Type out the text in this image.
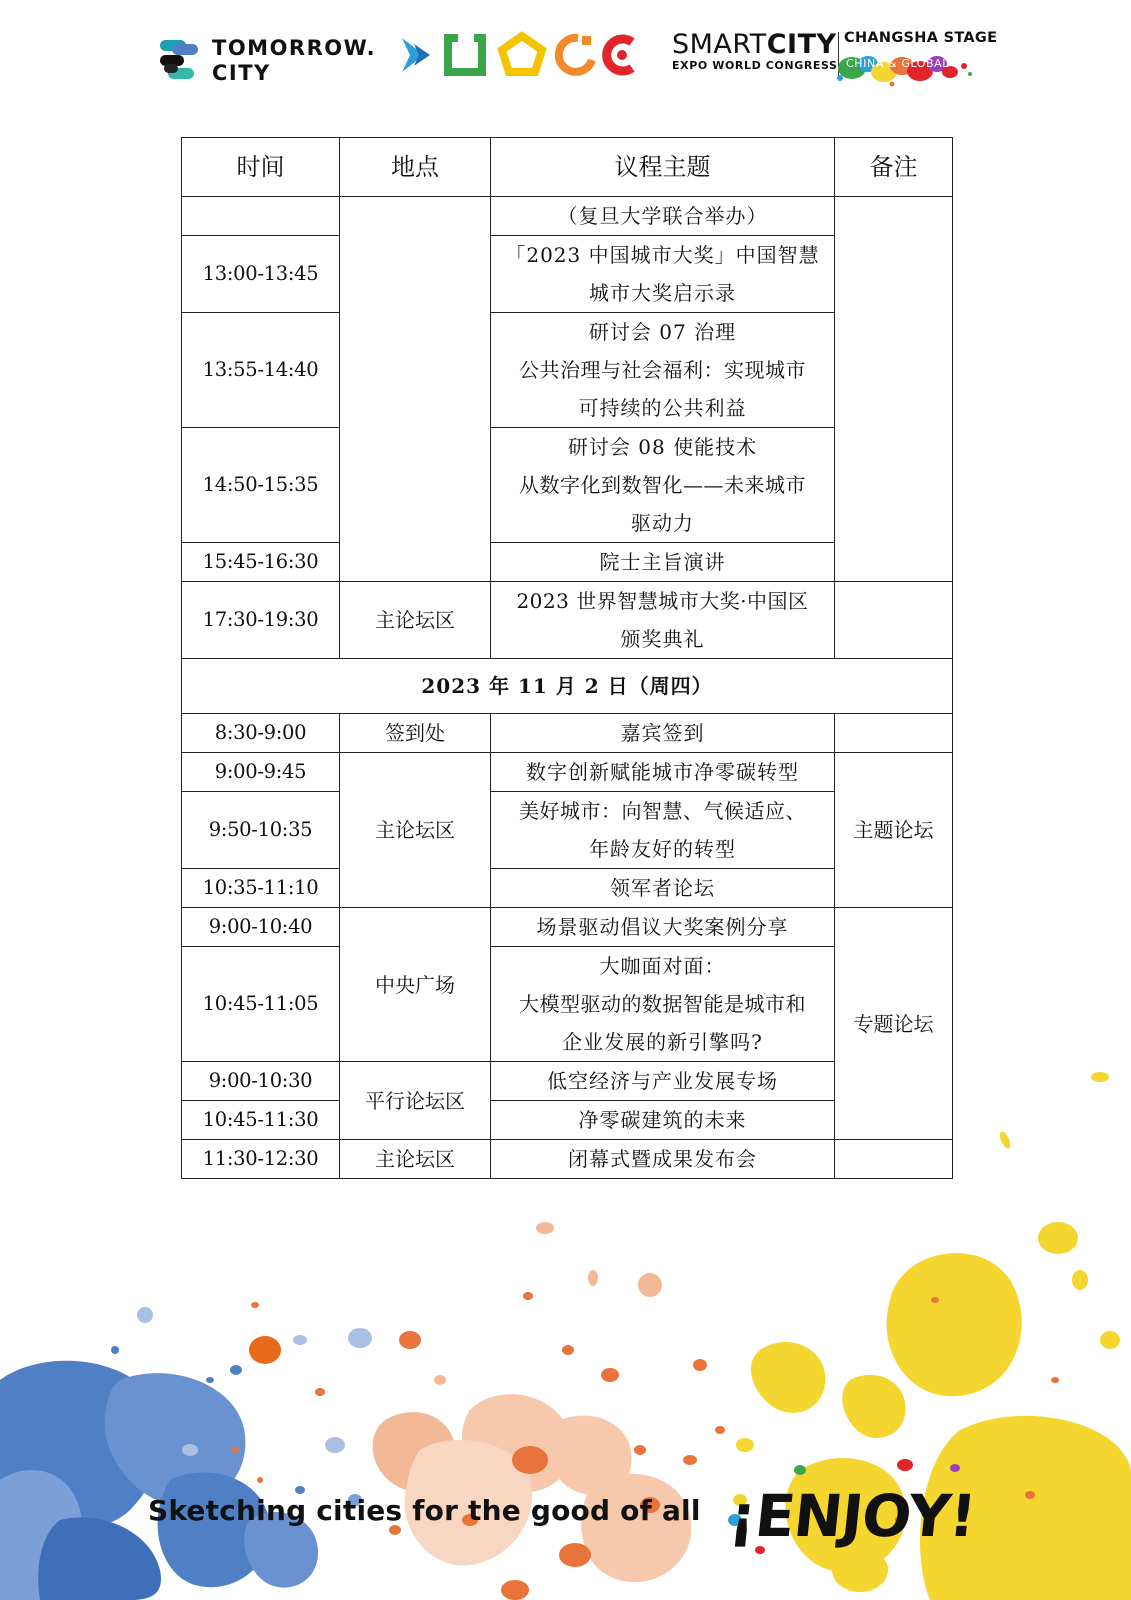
TOMORROW.
CITY
SMARTCITY
EXPO WORLD CONGRESS
CHANGSHA STAGE
CHINA & GLOBAL
时间	地点	议程主题	备注
		（复旦大学联合举办）	
13:00-13:45		「2023 中国城市大奖」中国智慧
城市大奖启示录	

13:55-14:40		研讨会 07 治理
公共治理与社会福利：实现城市
可持续的公共利益	

14:50-15:35		研讨会 08 使能技术
从数字化到数智化——未来城市
驱动力	

15:45-16:30		院士主旨演讲	
17:30-19:30	主论坛区	2023 世界智慧城市大奖·中国区
颁奖典礼	

2023 年 11 月 2 日（周四）			
8:30-9:00	签到处	嘉宾签到	
9:00-9:45	主论坛区	数字创新赋能城市净零碳转型	主题论坛
9:50-10:35		美好城市：向智慧、气候适应、
年龄友好的转型	

10:35-11:10		领军者论坛	
9:00-10:40	中央广场	场景驱动倡议大奖案例分享	专题论坛
10:45-11:05		大咖面对面：
大模型驱动的数据智能是城市和
企业发展的新引擎吗?	

9:00-10:30	平行论坛区	低空经济与产业发展专场	
10:45-11:30		净零碳建筑的未来	
11:30-12:30	主论坛区	闭幕式暨成果发布会	
Sketching cities for the good of all ¡ENJOY!
